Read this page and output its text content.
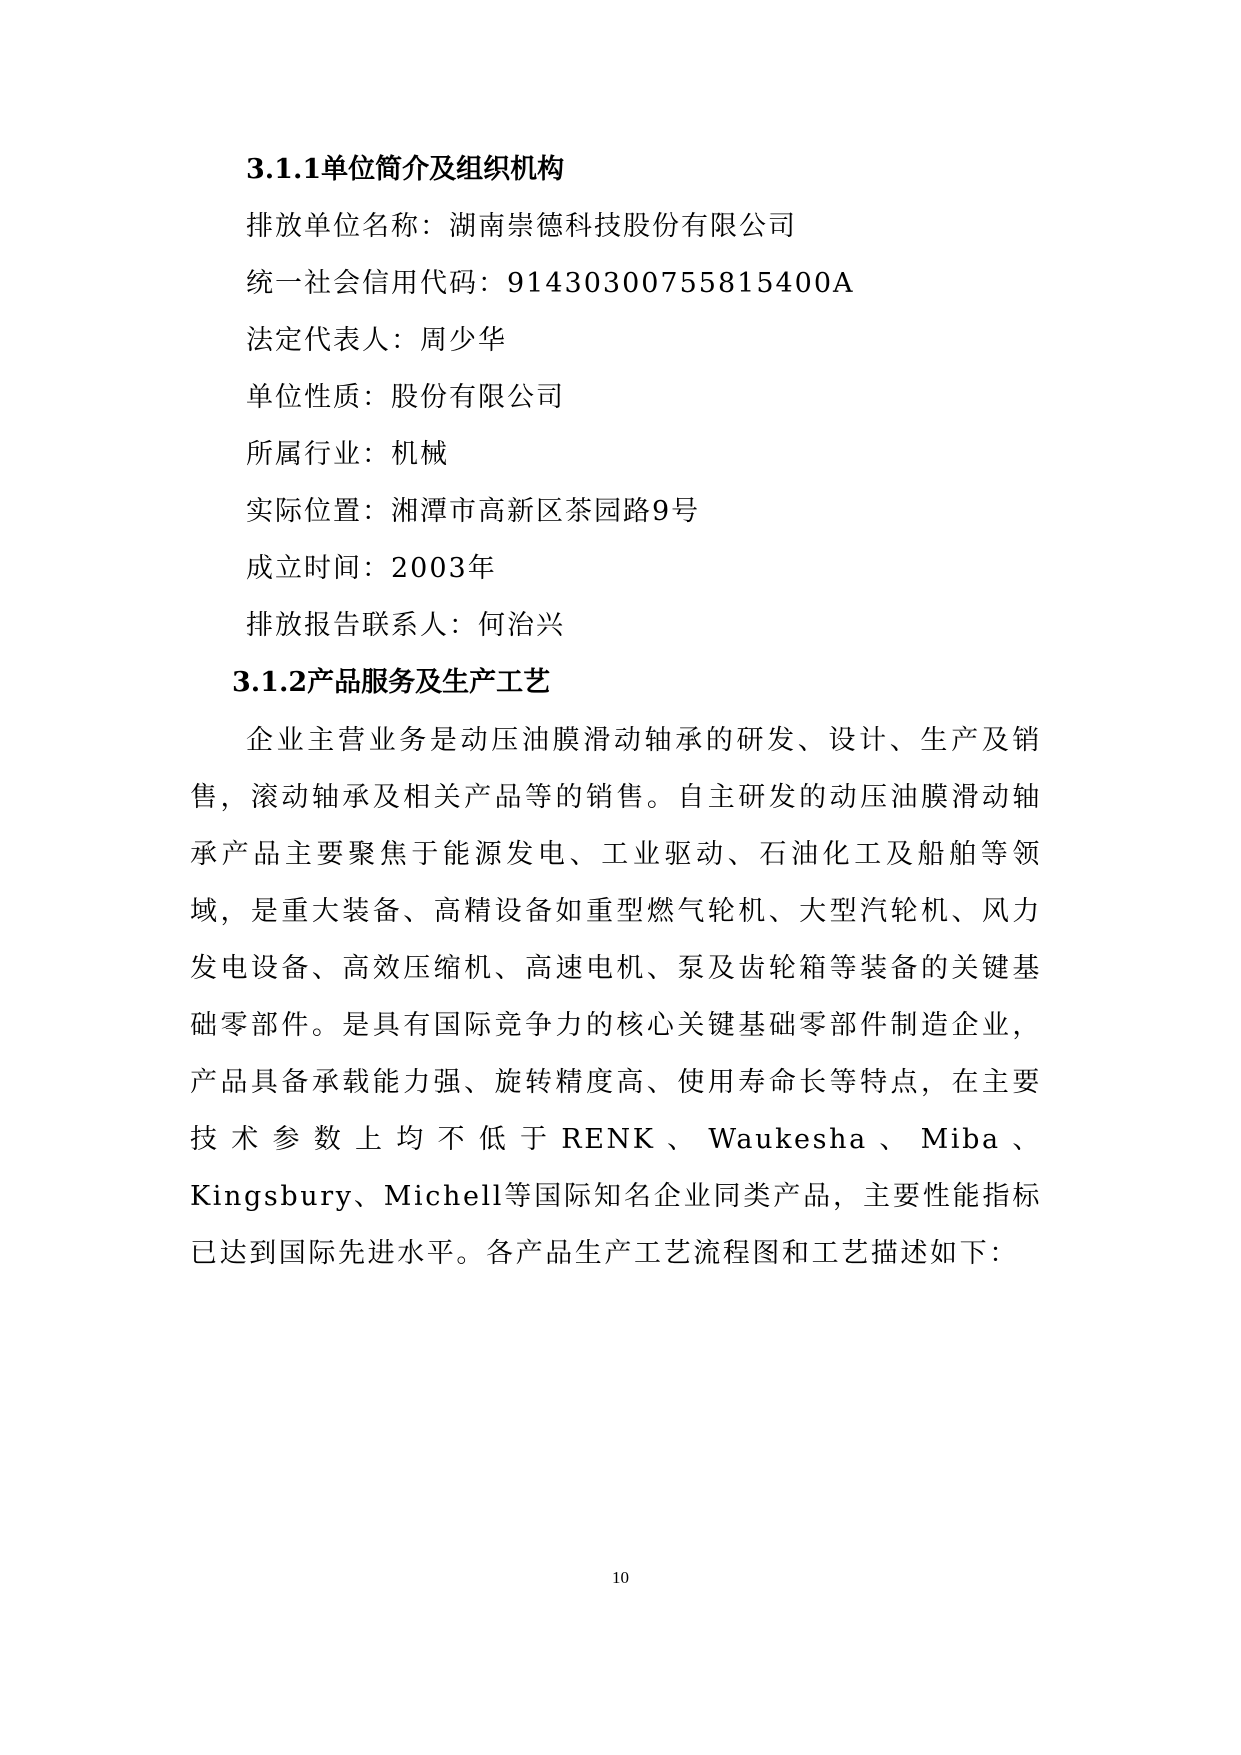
3.1.1单位简介及组织机构
排放单位名称：湖南崇德科技股份有限公司
统一社会信用代码：91430300755815400A
法定代表人：周少华
单位性质：股份有限公司
所属行业：机械
实际位置：湘潭市高新区茶园路9号
成立时间：2003年
排放报告联系人：何治兴
3.1.2产品服务及生产工艺

企业主营业务是动压油膜滑动轴承的研发、设计、生产及销售，滚动轴承及相关产品等的销售。自主研发的动压油膜滑动轴承产品主要聚焦于能源发电、工业驱动、石油化工及船舶等领域，是重大装备、高精设备如重型燃气轮机、大型汽轮机、风力发电设备、高效压缩机、高速电机、泵及齿轮箱等装备的关键基础零部件。是具有国际竞争力的核心关键基础零部件制造企业，产品具备承载能力强、旋转精度高、使用寿命长等特点，在主要技术参数上均不低于RENK、Waukesha、Miba、Kingsbury、Michell等国际知名企业同类产品，主要性能指标已达到国际先进水平。各产品生产工艺流程图和工艺描述如下：

10
